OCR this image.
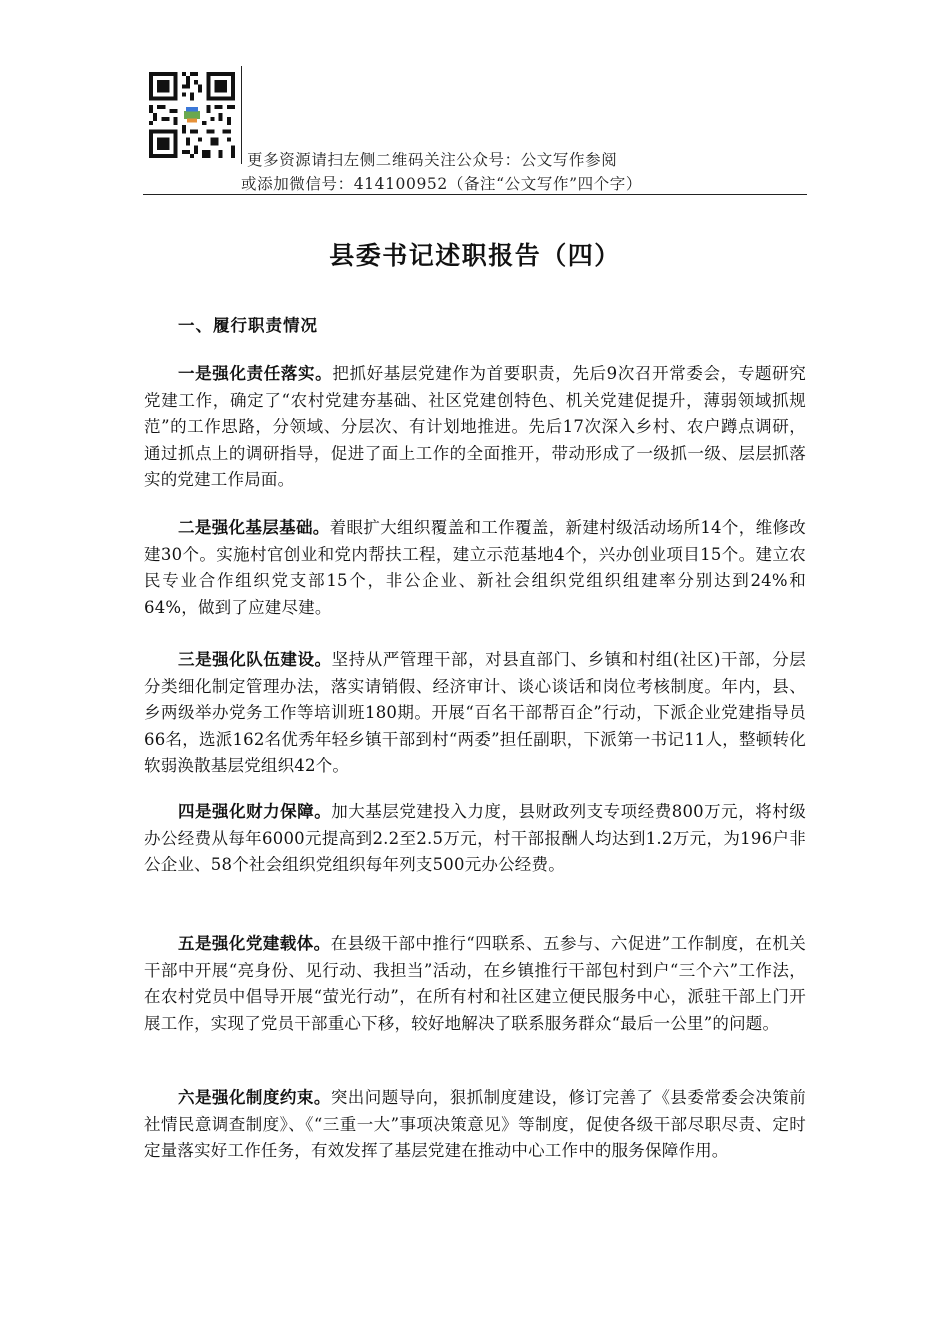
更多资源请扫左侧二维码关注公众号：公文写作参阅
或添加微信号：414100952（备注“公文写作”四个字）
县委书记述职报告（四）
一、履行职责情况
一是强化责任落实。把抓好基层党建作为首要职责，先后9次召开常委会，专题研究党建工作，确定了“农村党建夯基础、社区党建创特色、机关党建促提升，薄弱领域抓规范”的工作思路，分领域、分层次、有计划地推进。先后17次深入乡村、农户蹲点调研，通过抓点上的调研指导，促进了面上工作的全面推开，带动形成了一级抓一级、层层抓落实的党建工作局面。
二是强化基层基础。着眼扩大组织覆盖和工作覆盖，新建村级活动场所14个，维修改建30个。实施村官创业和党内帮扶工程，建立示范基地4个，兴办创业项目15个。建立农民专业合作组织党支部15个，非公企业、新社会组织党组织组建率分别达到24%和64%，做到了应建尽建。
三是强化队伍建设。坚持从严管理干部，对县直部门、乡镇和村组(社区)干部，分层分类细化制定管理办法，落实请销假、经济审计、谈心谈话和岗位考核制度。年内，县、乡两级举办党务工作等培训班180期。开展“百名干部帮百企”行动，下派企业党建指导员66名，选派162名优秀年轻乡镇干部到村“两委”担任副职，下派第一书记11人，整顿转化软弱涣散基层党组织42个。
四是强化财力保障。加大基层党建投入力度，县财政列支专项经费800万元，将村级办公经费从每年6000元提高到2.2至2.5万元，村干部报酬人均达到1.2万元，为196户非公企业、58个社会组织党组织每年列支500元办公经费。
五是强化党建载体。在县级干部中推行“四联系、五参与、六促进”工作制度，在机关干部中开展“亮身份、见行动、我担当”活动，在乡镇推行干部包村到户“三个六”工作法，在农村党员中倡导开展“萤光行动”，在所有村和社区建立便民服务中心，派驻干部上门开展工作，实现了党员干部重心下移，较好地解决了联系服务群众“最后一公里”的问题。
六是强化制度约束。突出问题导向，狠抓制度建设，修订完善了《县委常委会决策前社情民意调查制度》、《“三重一大”事项决策意见》等制度，促使各级干部尽职尽责、定时定量落实好工作任务，有效发挥了基层党建在推动中心工作中的服务保障作用。
